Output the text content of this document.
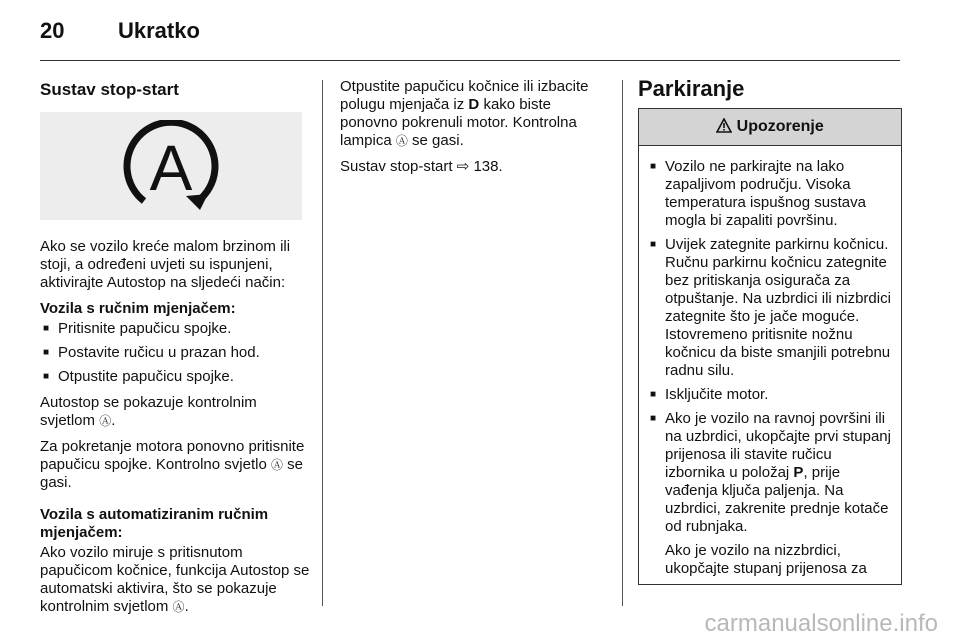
20 Ukratko
Sustav stop-start
A

Ako se vozilo kreće malom brzinom ili stoji, a određeni uvjeti su ispunjeni, aktivirajte Autostop na sljedeći način:

Vozila s ručnim mjenjačem:
■ Pritisnite papučicu spojke.
■ Postavite ručicu u prazan hod.
■ Otpustite papučicu spojke.

Autostop se pokazuje kontrolnim svjetlom Ⓐ.

Za pokretanje motora ponovno pritisnite papučicu spojke. Kontrolno svjetlo Ⓐ se gasi.

Vozila s automatiziranim ručnim mjenjačem:

Ako vozilo miruje s pritisnutom papučicom kočnice, funkcija Autostop se automatski aktivira, što se pokazuje kontrolnim svjetlom Ⓐ.

Otpustite papučicu kočnice ili izbacite polugu mjenjača iz D kako biste ponovno pokrenuli motor. Kontrolna lampica Ⓐ se gasi.

Sustav stop-start ⇨ 138.

Parkiranje
Upozorenje
■ Vozilo ne parkirajte na lako zapaljivom području. Visoka temperatura ispušnog sustava mogla bi zapaliti površinu.
■ Uvijek zategnite parkirnu kočnicu. Ručnu parkirnu kočnicu zategnite bez pritiskanja osigurača za otpuštanje. Na uzbrdici ili nizbrdici zategnite što je jače moguće. Istovremeno pritisnite nožnu kočnicu da biste smanjili potrebnu radnu silu.
■ Isključite motor.
■ Ako je vozilo na ravnoj površini ili na uzbrdici, ukopčajte prvi stupanj prijenosa ili stavite ručicu izbornika u položaj P, prije vađenja ključa paljenja. Na uzbrdici, zakrenite prednje kotače od rubnjaka.
Ako je vozilo na nizzbrdici, ukopčajte stupanj prijenosa za
carmanualsonline.info
